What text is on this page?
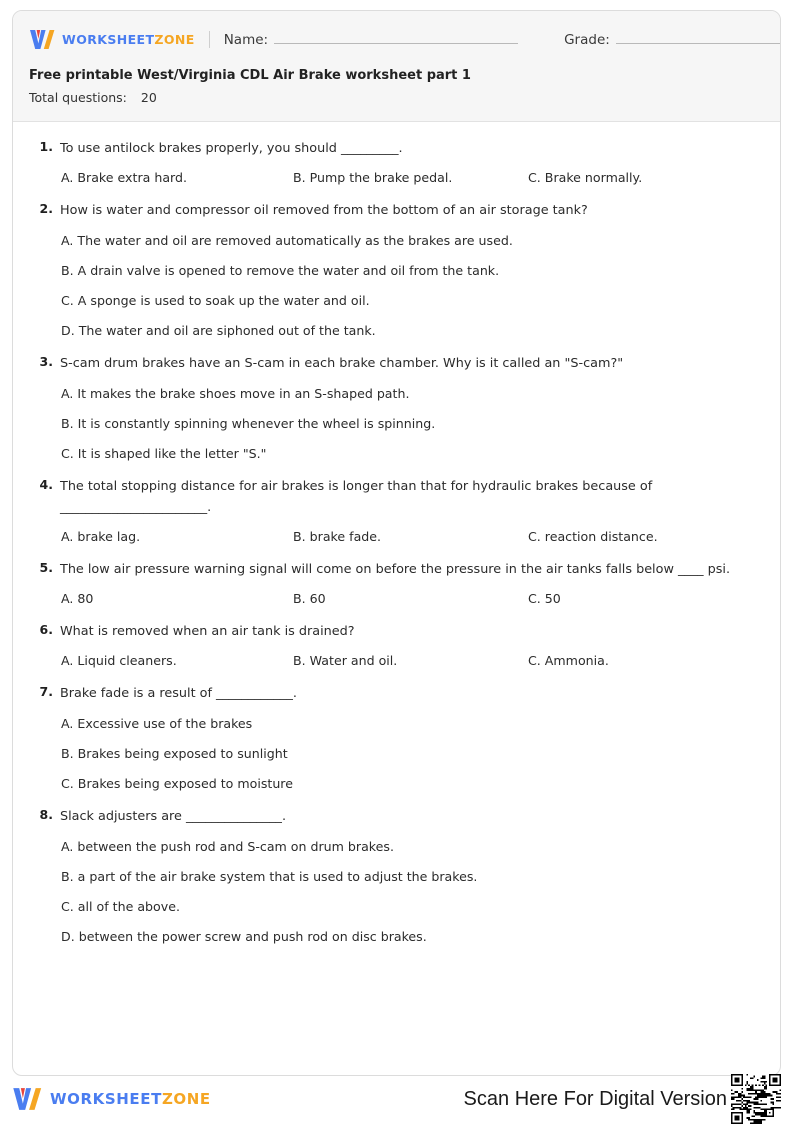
WORKSHEETZONE Name:	Grade:
Free printable West/Virginia CDL Air Brake worksheet part 1
Total questions: 20
1. To use antilock brakes properly, you should _________.
A. Brake extra hard.	B. Pump the brake pedal.	C. Brake normally.
2. How is water and compressor oil removed from the bottom of an air storage tank?
A. The water and oil are removed automatically as the brakes are used.
B. A drain valve is opened to remove the water and oil from the tank.
C. A sponge is used to soak up the water and oil.
D. The water and oil are siphoned out of the tank.
3. S-cam drum brakes have an S-cam in each brake chamber. Why is it called an "S-cam?"
A. It makes the brake shoes move in an S-shaped path.
B. It is constantly spinning whenever the wheel is spinning.
C. It is shaped like the letter "S."
4. The total stopping distance for air brakes is longer than that for hydraulic brakes because of _______________________.
A. brake lag.	B. brake fade.	C. reaction distance.
5. The low air pressure warning signal will come on before the pressure in the air tanks falls below ____ psi.
A. 80	B. 60	C. 50
6. What is removed when an air tank is drained?
A. Liquid cleaners.	B. Water and oil.	C. Ammonia.
7. Brake fade is a result of ____________.
A. Excessive use of the brakes
B. Brakes being exposed to sunlight
C. Brakes being exposed to moisture
8. Slack adjusters are _______________.
A. between the push rod and S-cam on drum brakes.
B. a part of the air brake system that is used to adjust the brakes.
C. all of the above.
D. between the power screw and push rod on disc brakes.
WORKSHEETZONE	Scan Here For Digital Version
